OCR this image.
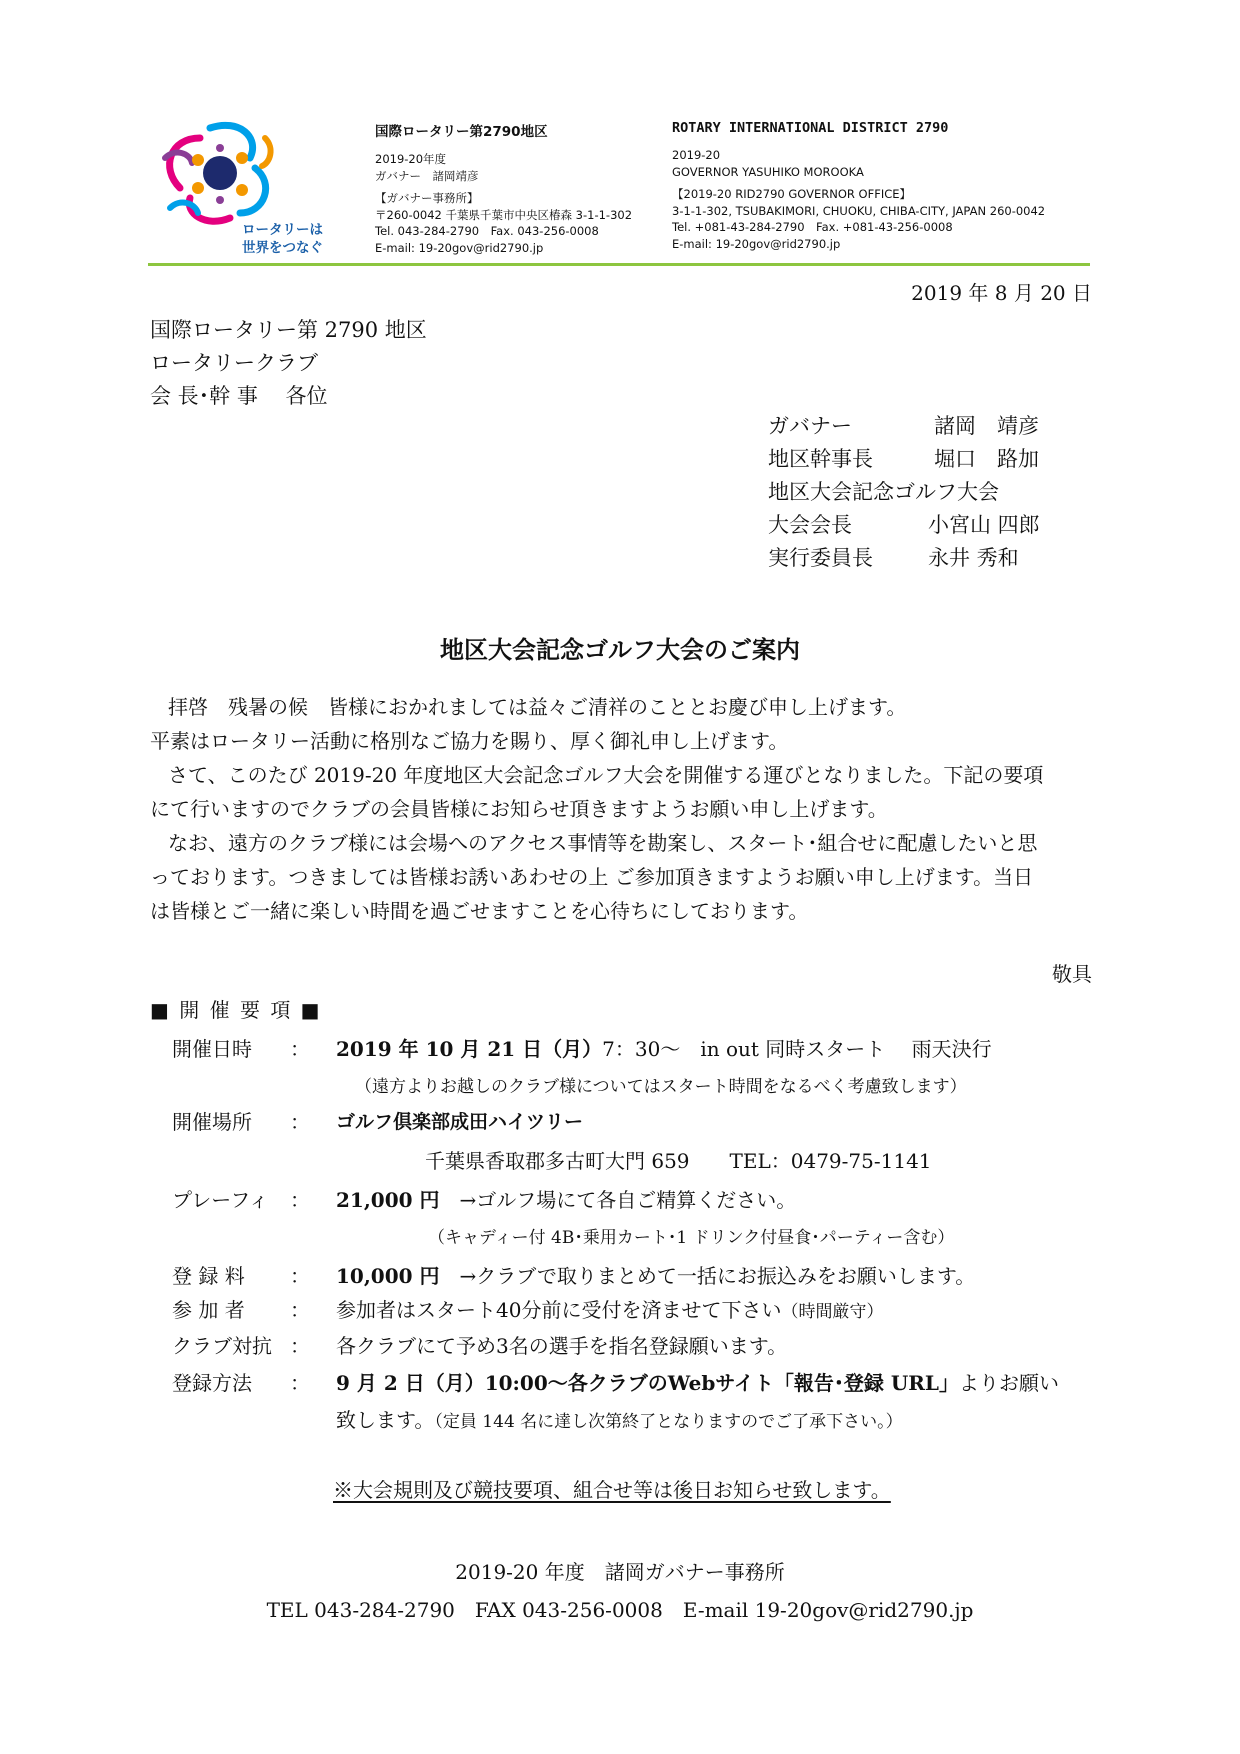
ロータリーは
世界をつなぐ
国際ロータリー第2790地区
2019-20年度
ガバナー　諸岡靖彦
【ガバナー事務所】
〒260-0042 千葉県千葉市中央区椿森 3-1-1-302
Tel. 043-284-2790　Fax. 043-256-0008
E-mail: 19-20gov@rid2790.jp
ROTARY INTERNATIONAL DISTRICT 2790
2019-20
GOVERNOR YASUHIKO MOROOKA
【2019-20 RID2790 GOVERNOR OFFICE】
3-1-1-302, TSUBAKIMORI, CHUOKU, CHIBA-CITY, JAPAN 260-0042
Tel. +081-43-284-2790　Fax. +081-43-256-0008
E-mail: 19-20gov@rid2790.jp
2019 年 8 月 20 日
国際ロータリー第 2790 地区
ロータリークラブ
会 長･幹 事　 各位
ガバナー	諸岡　靖彦
地区幹事長	堀口　路加
地区大会記念ゴルフ大会
大会会長	小宮山 四郎
実行委員長	永井 秀和
地区大会記念ゴルフ大会のご案内
拝啓　残暑の候　皆様におかれましては益々ご清祥のこととお慶び申し上げます。
平素はロータリー活動に格別なご協力を賜り、厚く御礼申し上げます。
さて、このたび 2019-20 年度地区大会記念ゴルフ大会を開催する運びとなりました。下記の要項
にて行いますのでクラブの会員皆様にお知らせ頂きますようお願い申し上げます。
なお、遠方のクラブ様には会場へのアクセス事情等を勘案し、スタート･組合せに配慮したいと思
っております。つきましては皆様お誘いあわせの上 ご参加頂きますようお願い申し上げます。当日
は皆様とご一緒に楽しい時間を過ごせますことを心待ちにしております。
敬具
■ 開 催 要 項 ■
開催日時 ： 2019 年 10 月 21 日（月）7：30～　in out 同時スタート　 雨天決行
（遠方よりお越しのクラブ様についてはスタート時間をなるべく考慮致します）
開催場所 ： ゴルフ倶楽部成田ハイツリー
千葉県香取郡多古町大門 659　　TEL：0479-75-1141
プレーフィ ： 21,000 円　 →ゴルフ場にて各自ご精算ください。
（キャディー付 4B･乗用カート･1 ドリンク付昼食･パーティー含む）
登 録 料 ： 10,000 円　 →クラブで取りまとめて一括にお振込みをお願いします。
参 加 者 ： 参加者はスタート40分前に受付を済ませて下さい（時間厳守）
クラブ対抗 ： 各クラブにて予め3名の選手を指名登録願います。
登録方法 ： 9 月 2 日（月）10:00～各クラブのWebサイト「報告･登録 URL」よりお願い
致します。（定員 144 名に達し次第終了となりますのでご了承下さい。）
※大会規則及び競技要項、組合せ等は後日お知らせ致します。
2019-20 年度　諸岡ガバナー事務所
TEL 043-284-2790　FAX 043-256-0008　E-mail 19-20gov@rid2790.jp
